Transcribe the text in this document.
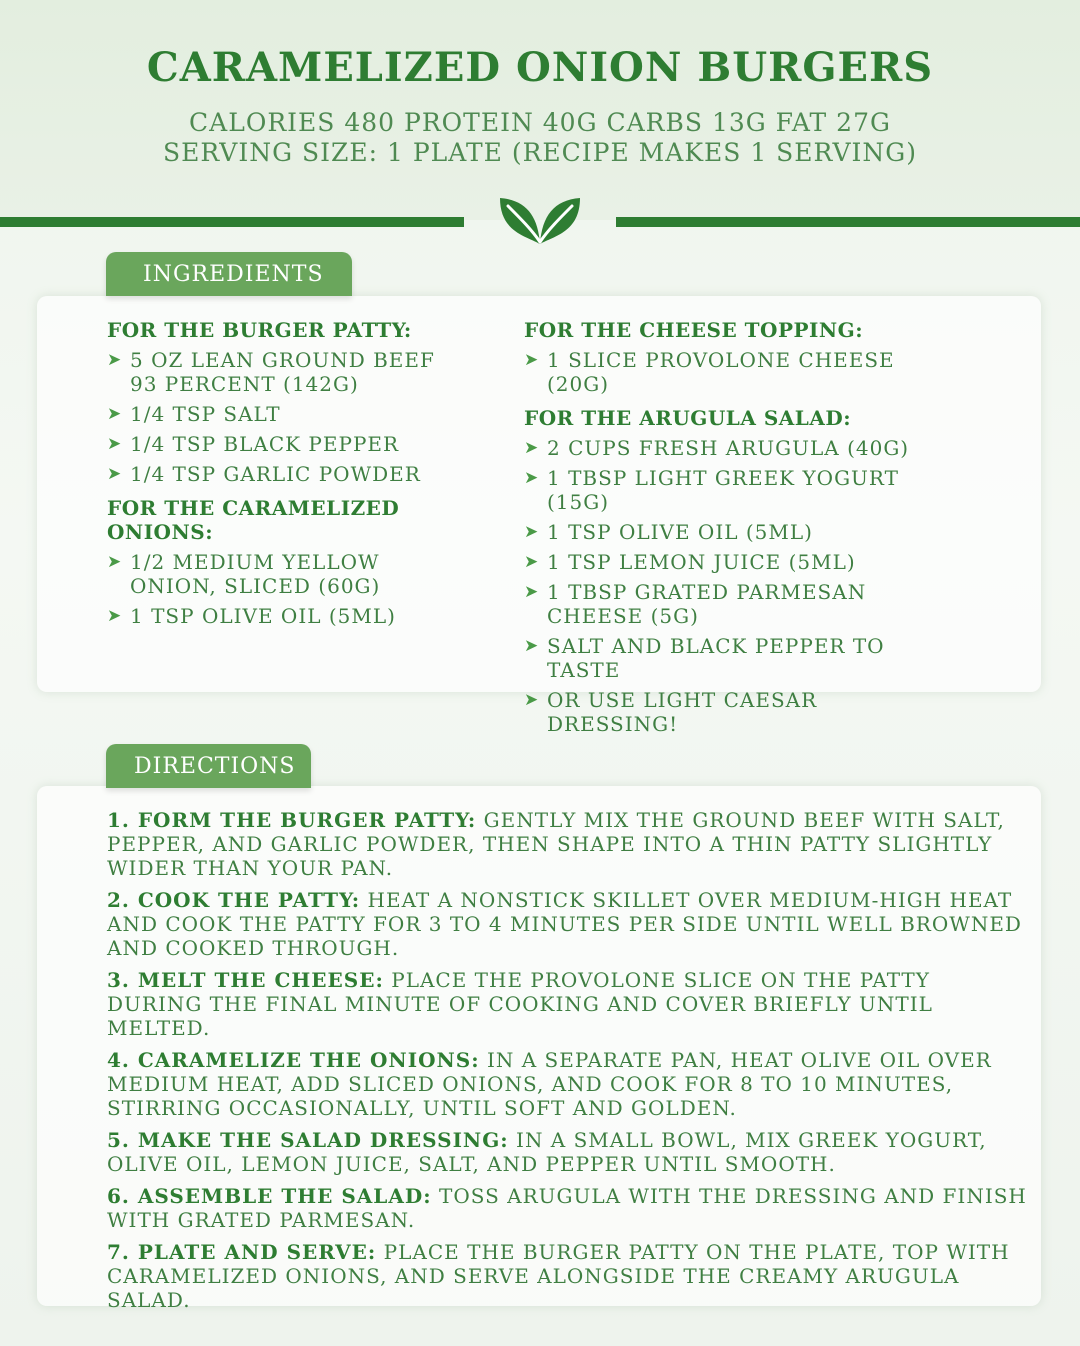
CARAMELIZED ONION BURGERS
CALORIES 480 PROTEIN 40G CARBS 13G FAT 27G
SERVING SIZE: 1 PLATE (RECIPE MAKES 1 SERVING)
FOR THE BURGER PATTY:
➤ 5 OZ LEAN GROUND BEEF 93 PERCENT (142G)
➤ 1/4 TSP SALT
➤ 1/4 TSP BLACK PEPPER
➤ 1/4 TSP GARLIC POWDER
FOR THE CARAMELIZED ONIONS:
➤ 1/2 MEDIUM YELLOW ONION, SLICED (60G)
➤ 1 TSP OLIVE OIL (5ML)
FOR THE CHEESE TOPPING:
➤ 1 SLICE PROVOLONE CHEESE (20G)
FOR THE ARUGULA SALAD:
➤ 2 CUPS FRESH ARUGULA (40G)
➤ 1 TBSP LIGHT GREEK YOGURT (15G)
➤ 1 TSP OLIVE OIL (5ML)
➤ 1 TSP LEMON JUICE (5ML)
➤ 1 TBSP GRATED PARMESAN CHEESE (5G)
➤ SALT AND BLACK PEPPER TO TASTE
➤ OR USE LIGHT CAESAR DRESSING!
INGREDIENTS
1. FORM THE BURGER PATTY: GENTLY MIX THE GROUND BEEF WITH SALT, PEPPER, AND GARLIC POWDER, THEN SHAPE INTO A THIN PATTY SLIGHTLY WIDER THAN YOUR PAN.
2. COOK THE PATTY: HEAT A NONSTICK SKILLET OVER MEDIUM-HIGH HEAT AND COOK THE PATTY FOR 3 TO 4 MINUTES PER SIDE UNTIL WELL BROWNED AND COOKED THROUGH.
3. MELT THE CHEESE: PLACE THE PROVOLONE SLICE ON THE PATTY DURING THE FINAL MINUTE OF COOKING AND COVER BRIEFLY UNTIL MELTED.
4. CARAMELIZE THE ONIONS: IN A SEPARATE PAN, HEAT OLIVE OIL OVER MEDIUM HEAT, ADD SLICED ONIONS, AND COOK FOR 8 TO 10 MINUTES, STIRRING OCCASIONALLY, UNTIL SOFT AND GOLDEN.
5. MAKE THE SALAD DRESSING: IN A SMALL BOWL, MIX GREEK YOGURT, OLIVE OIL, LEMON JUICE, SALT, AND PEPPER UNTIL SMOOTH.
6. ASSEMBLE THE SALAD: TOSS ARUGULA WITH THE DRESSING AND FINISH WITH GRATED PARMESAN.
7. PLATE AND SERVE: PLACE THE BURGER PATTY ON THE PLATE, TOP WITH CARAMELIZED ONIONS, AND SERVE ALONGSIDE THE CREAMY ARUGULA SALAD.
DIRECTIONS
